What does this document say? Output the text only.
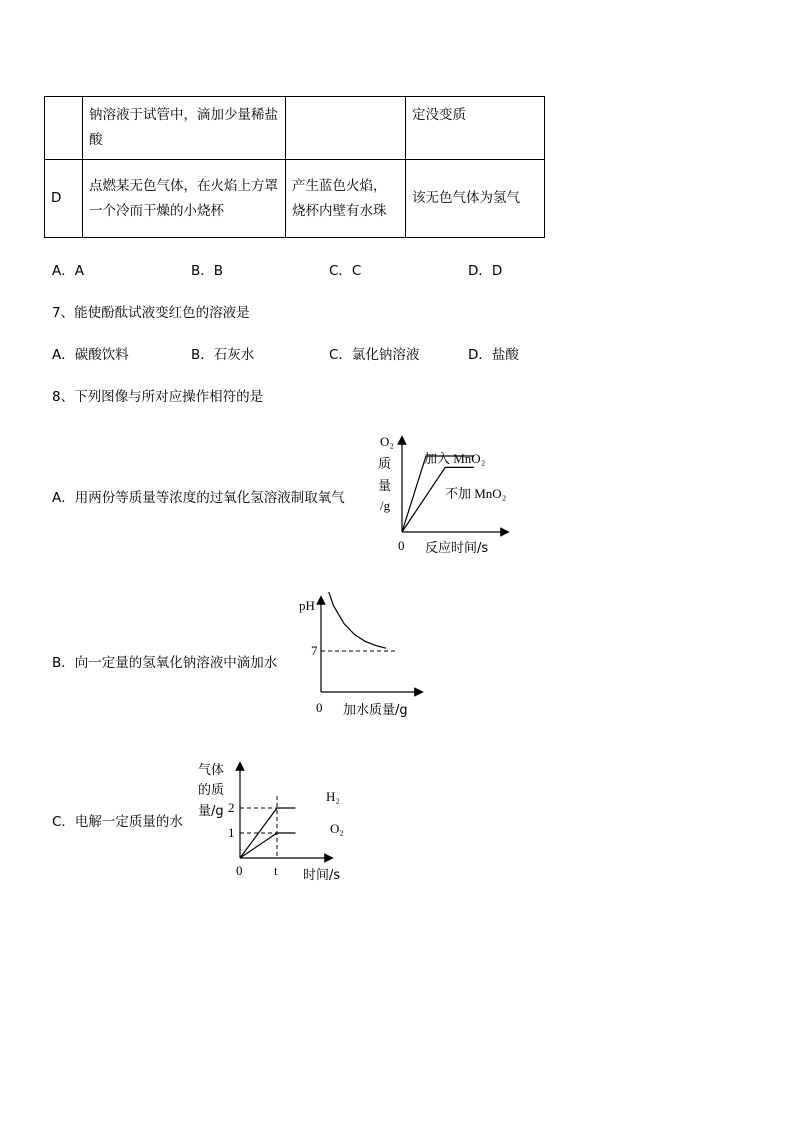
	钠溶液于试管中，滴加少量稀盐酸		定没变质
D	点燃某无色气体，在火焰上方罩一个冷而干燥的小烧杯	产生蓝色火焰，烧杯内壁有水珠	该无色气体为氢气
A．A	B．B	C．C	D．D
7、能使酚酞试液变红色的溶液是
A．碳酸饮料	B．石灰水	C．氯化钠溶液	D．盐酸
8、下列图像与所对应操作相符的是
A．用两份等质量等浓度的过氧化氢溶液制取氧气
O₂
质
量
/g
0 反应时间/s
加入 MnO₂
不加 MnO₂
B．向一定量的氢氧化钠溶液中滴加水
pH
7
0 加水质量/g
C．电解一定质量的水
气体
的质
量/g 2
1
0 t 时间/s
H₂
O₂
